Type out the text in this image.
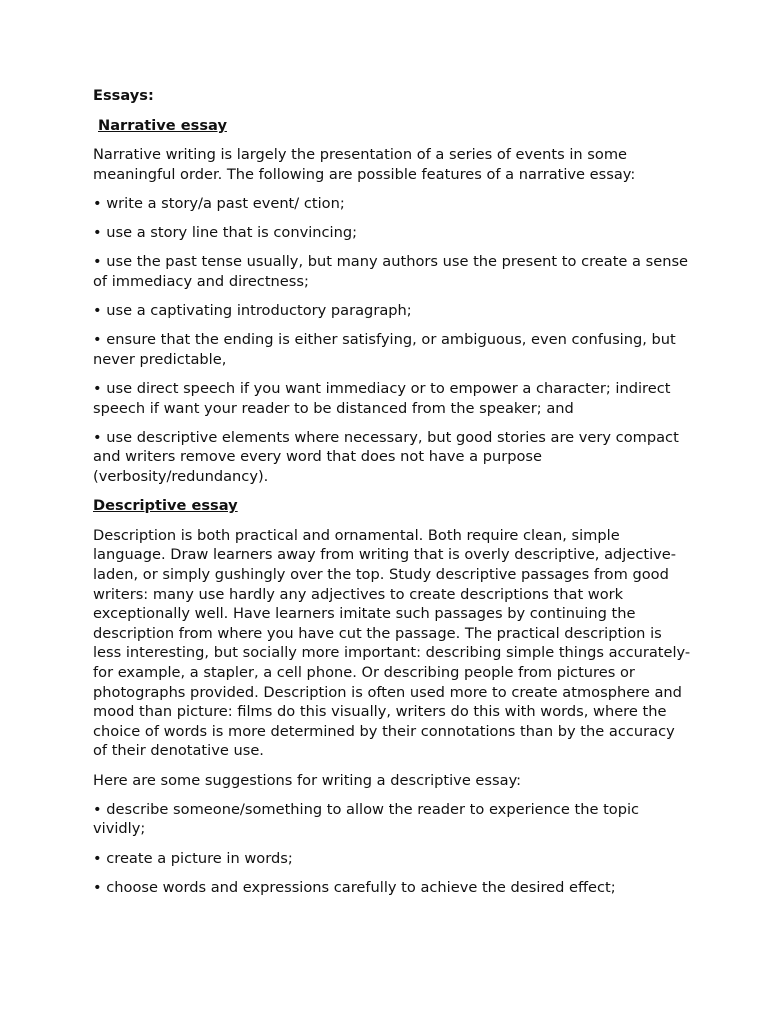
Essays:

Narrative essay

Narrative writing is largely the presentation of a series of events in some meaningful order. The following are possible features of a narrative essay:

• write a story/a past event/ ction;

• use a story line that is convincing;

• use the past tense usually, but many authors use the present to create a sense of immediacy and directness;

• use a captivating introductory paragraph;

• ensure that the ending is either satisfying, or ambiguous, even confusing, but never predictable,

• use direct speech if you want immediacy or to empower a character; indirect speech if want your reader to be distanced from the speaker; and

• use descriptive elements where necessary, but good stories are very compact and writers remove every word that does not have a purpose (verbosity/redundancy).

Descriptive essay

Description is both practical and ornamental. Both require clean, simple language. Draw learners away from writing that is overly descriptive, adjective-laden, or simply gushingly over the top. Study descriptive passages from good writers: many use hardly any adjectives to create descriptions that work exceptionally well. Have learners imitate such passages by continuing the description from where you have cut the passage. The practical description is less interesting, but socially more important: describing simple things accurately-for example, a stapler, a cell phone. Or describing people from pictures or photographs provided. Description is often used more to create atmosphere and mood than picture: films do this visually, writers do this with words, where the choice of words is more determined by their connotations than by the accuracy of their denotative use.

Here are some suggestions for writing a descriptive essay:

• describe someone/something to allow the reader to experience the topic vividly;

• create a picture in words;

• choose words and expressions carefully to achieve the desired effect;
